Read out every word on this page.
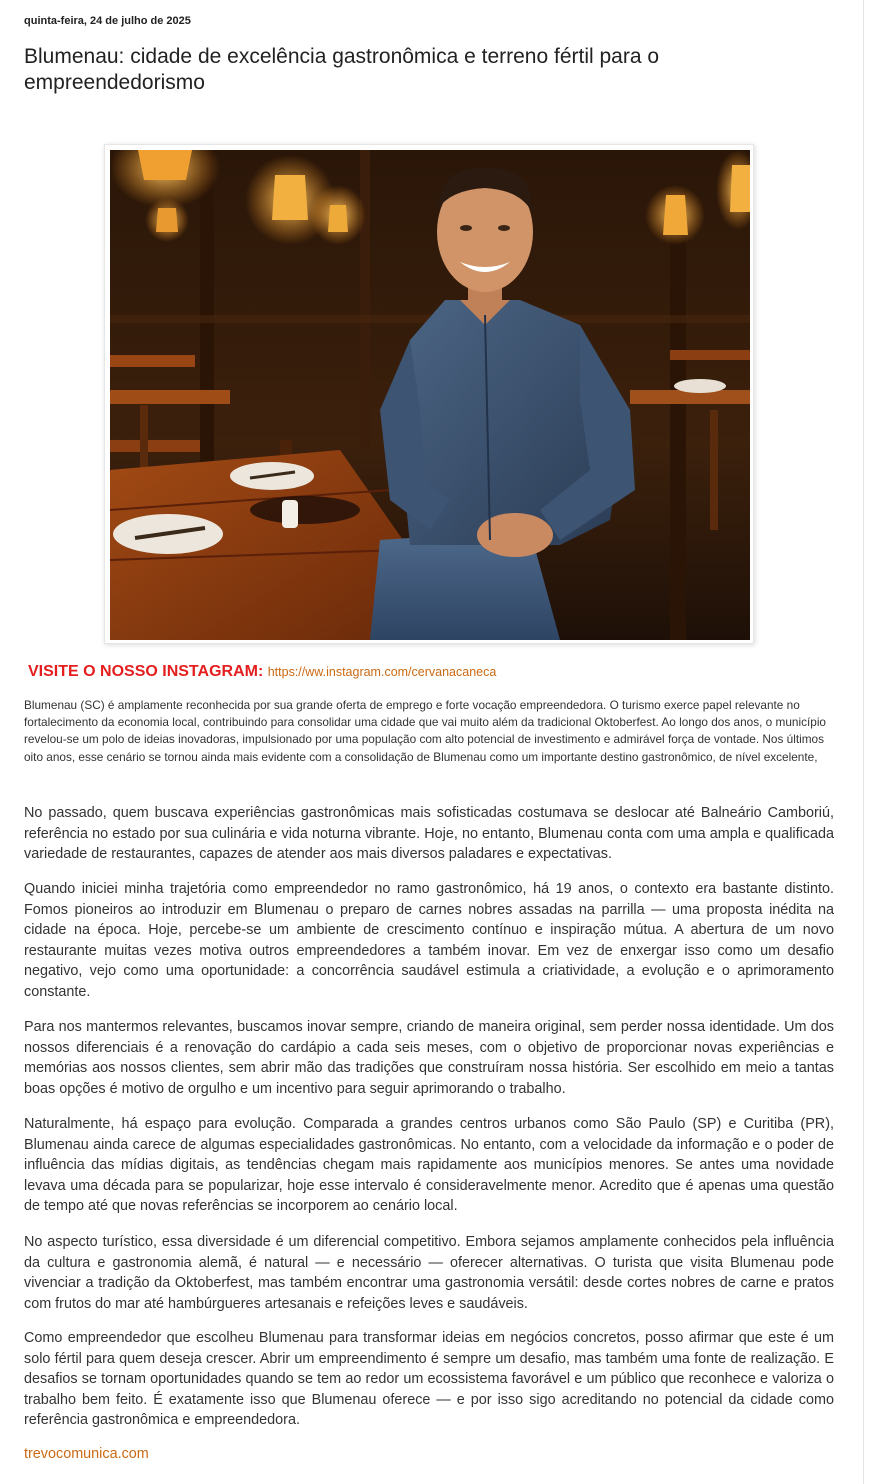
quinta-feira, 24 de julho de 2025
Blumenau: cidade de excelência gastronômica e terreno fértil para o empreendedorismo
VISITE O NOSSO INSTAGRAM: https://ww.instagram.com/cervanacaneca

Blumenau (SC) é amplamente reconhecida por sua grande oferta de emprego e forte vocação empreendedora. O turismo exerce papel relevante no fortalecimento da economia local, contribuindo para consolidar uma cidade que vai muito além da tradicional Oktoberfest. Ao longo dos anos, o município revelou-se um polo de ideias inovadoras, impulsionado por uma população com alto potencial de investimento e admirável força de vontade. Nos últimos oito anos, esse cenário se tornou ainda mais evidente com a consolidação de Blumenau como um importante destino gastronômico, de nível excelente,

No passado, quem buscava experiências gastronômicas mais sofisticadas costumava se deslocar até Balneário Camboriú, referência no estado por sua culinária e vida noturna vibrante. Hoje, no entanto, Blumenau conta com uma ampla e qualificada variedade de restaurantes, capazes de atender aos mais diversos paladares e expectativas.

Quando iniciei minha trajetória como empreendedor no ramo gastronômico, há 19 anos, o contexto era bastante distinto. Fomos pioneiros ao introduzir em Blumenau o preparo de carnes nobres assadas na parrilla — uma proposta inédita na cidade na época. Hoje, percebe-se um ambiente de crescimento contínuo e inspiração mútua. A abertura de um novo restaurante muitas vezes motiva outros empreendedores a também inovar. Em vez de enxergar isso como um desafio negativo, vejo como uma oportunidade: a concorrência saudável estimula a criatividade, a evolução e o aprimoramento constante.

Para nos mantermos relevantes, buscamos inovar sempre, criando de maneira original, sem perder nossa identidade. Um dos nossos diferenciais é a renovação do cardápio a cada seis meses, com o objetivo de proporcionar novas experiências e memórias aos nossos clientes, sem abrir mão das tradições que construíram nossa história. Ser escolhido em meio a tantas boas opções é motivo de orgulho e um incentivo para seguir aprimorando o trabalho.

Naturalmente, há espaço para evolução. Comparada a grandes centros urbanos como São Paulo (SP) e Curitiba (PR), Blumenau ainda carece de algumas especialidades gastronômicas. No entanto, com a velocidade da informação e o poder de influência das mídias digitais, as tendências chegam mais rapidamente aos municípios menores. Se antes uma novidade levava uma década para se popularizar, hoje esse intervalo é consideravelmente menor. Acredito que é apenas uma questão de tempo até que novas referências se incorporem ao cenário local.

No aspecto turístico, essa diversidade é um diferencial competitivo. Embora sejamos amplamente conhecidos pela influência da cultura e gastronomia alemã, é natural — e necessário — oferecer alternativas. O turista que visita Blumenau pode vivenciar a tradição da Oktoberfest, mas também encontrar uma gastronomia versátil: desde cortes nobres de carne e pratos com frutos do mar até hambúrgueres artesanais e refeições leves e saudáveis.

Como empreendedor que escolheu Blumenau para transformar ideias em negócios concretos, posso afirmar que este é um solo fértil para quem deseja crescer. Abrir um empreendimento é sempre um desafio, mas também uma fonte de realização. E desafios se tornam oportunidades quando se tem ao redor um ecossistema favorável e um público que reconhece e valoriza o trabalho bem feito. É exatamente isso que Blumenau oferece — e por isso sigo acreditando no potencial da cidade como referência gastronômica e empreendedora.

trevocomunica.com
